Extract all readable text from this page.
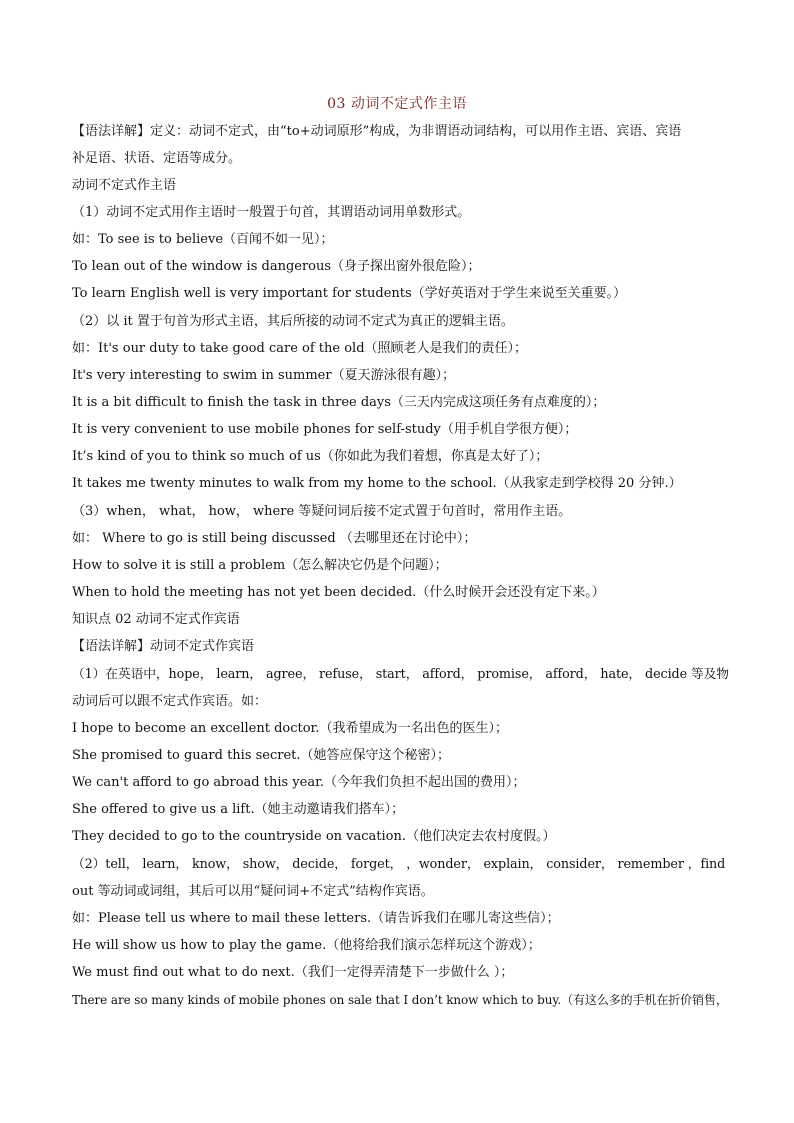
03 动词不定式作主语
【语法详解】定义：动词不定式，由“to+动词原形”构成，为非谓语动词结构，可以用作主语、宾语、宾语
补足语、状语、定语等成分。
动词不定式作主语
（1）动词不定式用作主语时一般置于句首，其谓语动词用单数形式。
如：To see is to believe（百闻不如一见）；
To lean out of the window is dangerous（身子探出窗外很危险）；
To learn English well is very important for students（学好英语对于学生来说至关重要。）
（2）以 it 置于句首为形式主语，其后所接的动词不定式为真正的逻辑主语。
如：It's our duty to take good care of the old（照顾老人是我们的责任）；
It's very interesting to swim in summer（夏天游泳很有趣）；
It is a bit difficult to finish the task in three days（三天内完成这项任务有点难度的）；
It is very convenient to use mobile phones for self-study（用手机自学很方便）；
It’s kind of you to think so much of us（你如此为我们着想，你真是太好了）；
It takes me twenty minutes to walk from my home to the school.（从我家走到学校得 20 分钟.）
（3）when， what， how， where 等疑问词后接不定式置于句首时，常用作主语。
如： Where to go is still being discussed （去哪里还在讨论中）；
How to solve it is still a problem（怎么解决它仍是个问题）；
When to hold the meeting has not yet been decided.（什么时候开会还没有定下来。）
知识点 02 动词不定式作宾语
【语法详解】动词不定式作宾语
（1）在英语中，hope， learn， agree， refuse， start， afford， promise， afford， hate， decide 等及物
动词后可以跟不定式作宾语。如：
I hope to become an excellent doctor.（我希望成为一名出色的医生）；
She promised to guard this secret.（她答应保守这个秘密）；
We can't afford to go abroad this year.（今年我们负担不起出国的费用）；
She offered to give us a lift.（她主动邀请我们搭车）；
They decided to go to the countryside on vacation.（他们决定去农村度假。）
（2）tell， learn， know， show， decide， forget， ，wonder， explain， consider， remember ，find
out 等动词或词组，其后可以用“疑问词+不定式”结构作宾语。
如：Please tell us where to mail these letters.（请告诉我们在哪儿寄这些信）；
He will show us how to play the game.（他将给我们演示怎样玩这个游戏）；
We must find out what to do next.（我们一定得弄清楚下一步做什么 ）；
There are so many kinds of mobile phones on sale that I don’t know which to buy.（有这么多的手机在折价销售，
